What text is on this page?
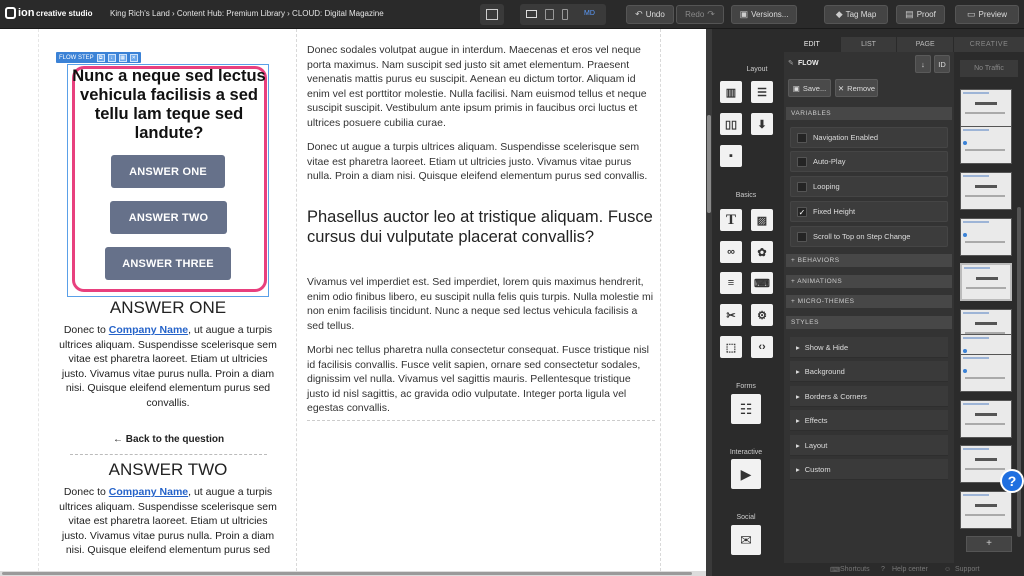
ion creative studio King Rich's Land › Content Hub: Premium Library › CLOUD: Digital Magazine	MD	↶ Undo	Redo ↷	▣ Versions...	◆ Tag Map	▤ Proof	▭ Preview
FLOW STEP	⧉	↓	▦	✕
Nunc a neque sed lectus vehicula facilisis a sed tellu lam teque sed landute?
ANSWER ONE
ANSWER TWO
ANSWER THREE
ANSWER ONE
Donec to Company Name, ut augue a turpis ultrices aliquam. Suspendisse scelerisque sem vitae est pharetra laoreet. Etiam ut ultricies justo. Vivamus vitae purus nulla. Proin a diam nisi. Quisque eleifend elementum purus sed convallis.
← Back to the question
ANSWER TWO
Donec to Company Name, ut augue a turpis ultrices aliquam. Suspendisse scelerisque sem vitae est pharetra laoreet. Etiam ut ultricies justo. Vivamus vitae purus nulla. Proin a diam nisi. Quisque eleifend elementum purus sed
Donec sodales volutpat augue in interdum. Maecenas et eros vel neque porta maximus. Nam suscipit sed justo sit amet elementum. Praesent venenatis mattis purus eu suscipit. Aenean eu dictum tortor. Aliquam id enim vel est porttitor molestie. Nulla facilisi. Nam euismod tellus et neque suscipit suscipit. Vestibulum ante ipsum primis in faucibus orci luctus et ultrices posuere cubilia curae.
Donec ut augue a turpis ultrices aliquam. Suspendisse scelerisque sem vitae est pharetra laoreet. Etiam ut ultricies justo. Vivamus vitae purus nulla. Proin a diam nisi. Quisque eleifend elementum purus sed convallis.
Phasellus auctor leo at tristique aliquam. Fusce cursus dui vulputate placerat convallis?
Vivamus vel imperdiet est. Sed imperdiet, lorem quis maximus hendrerit, enim odio finibus libero, eu suscipit nulla felis quis turpis. Nulla molestie mi non enim facilisis tincidunt. Nunc a neque sed lectus vehicula facilisis a sed tellus.
Morbi nec tellus pharetra nulla consectetur consequat. Fusce tristique nisl id facilisis convallis. Fusce velit sapien, ornare sed consectetur sodales, dignissim vel nulla. Vivamus vel sagittis mauris. Pellentesque tristique justo id nisl sagittis, ac gravida odio vulputate. Integer porta ligula vel egestas convallis.
Layout
▥	☰
▯▯	⬇
▪
Basics
T	▨
∞	✿
≡	⌨
✂	⚙
⬚	‹›
Forms
☷
Interactive
▶
Social
✉
EDIT	LIST	PAGE
✎ FLOW	↓ ID
▣ Save... ✕ Remove
VARIABLES
Navigation Enabled
Auto-Play
Looping
✓ Fixed Height
Scroll to Top on Step Change
+ BEHAVIORS
+ ANIMATIONS
+ MICRO-THEMES
STYLES
▸ Show & Hide
▸ Background
▸ Borders & Corners
▸ Effects
▸ Layout
▸ Custom
CREATIVE
No Traffic
+
⌨ Shortcuts ? Help center ☺ Support
?
